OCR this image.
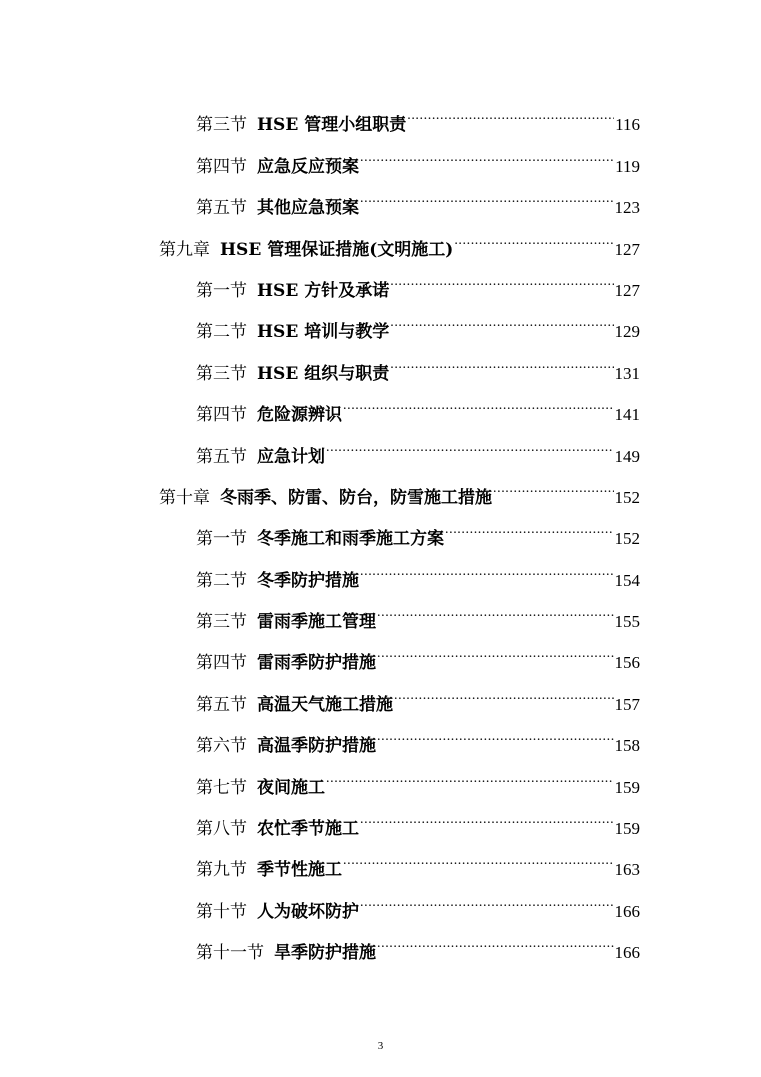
第三节 HSE 管理小组职责 .....	116
第四节 应急反应预案 .....	119
第五节 其他应急预案 .....	123
第九章 HSE 管理保证措施(文明施工) .....	127
第一节 HSE 方针及承诺 .....	127
第二节 HSE 培训与教学 .....	129
第三节 HSE 组织与职责 .....	131
第四节 危险源辨识 .....	141
第五节 应急计划 .....	149
第十章 冬雨季、防雷、防台，防雪施工措施 .....	152
第一节 冬季施工和雨季施工方案 .....	152
第二节 冬季防护措施 .....	154
第三节 雷雨季施工管理 .....	155
第四节 雷雨季防护措施 .....	156
第五节 高温天气施工措施 .....	157
第六节 高温季防护措施 .....	158
第七节 夜间施工 .....	159
第八节 农忙季节施工 .....	159
第九节 季节性施工 .....	163
第十节 人为破坏防护 .....	166
第十一节 旱季防护措施 .....	166
3
